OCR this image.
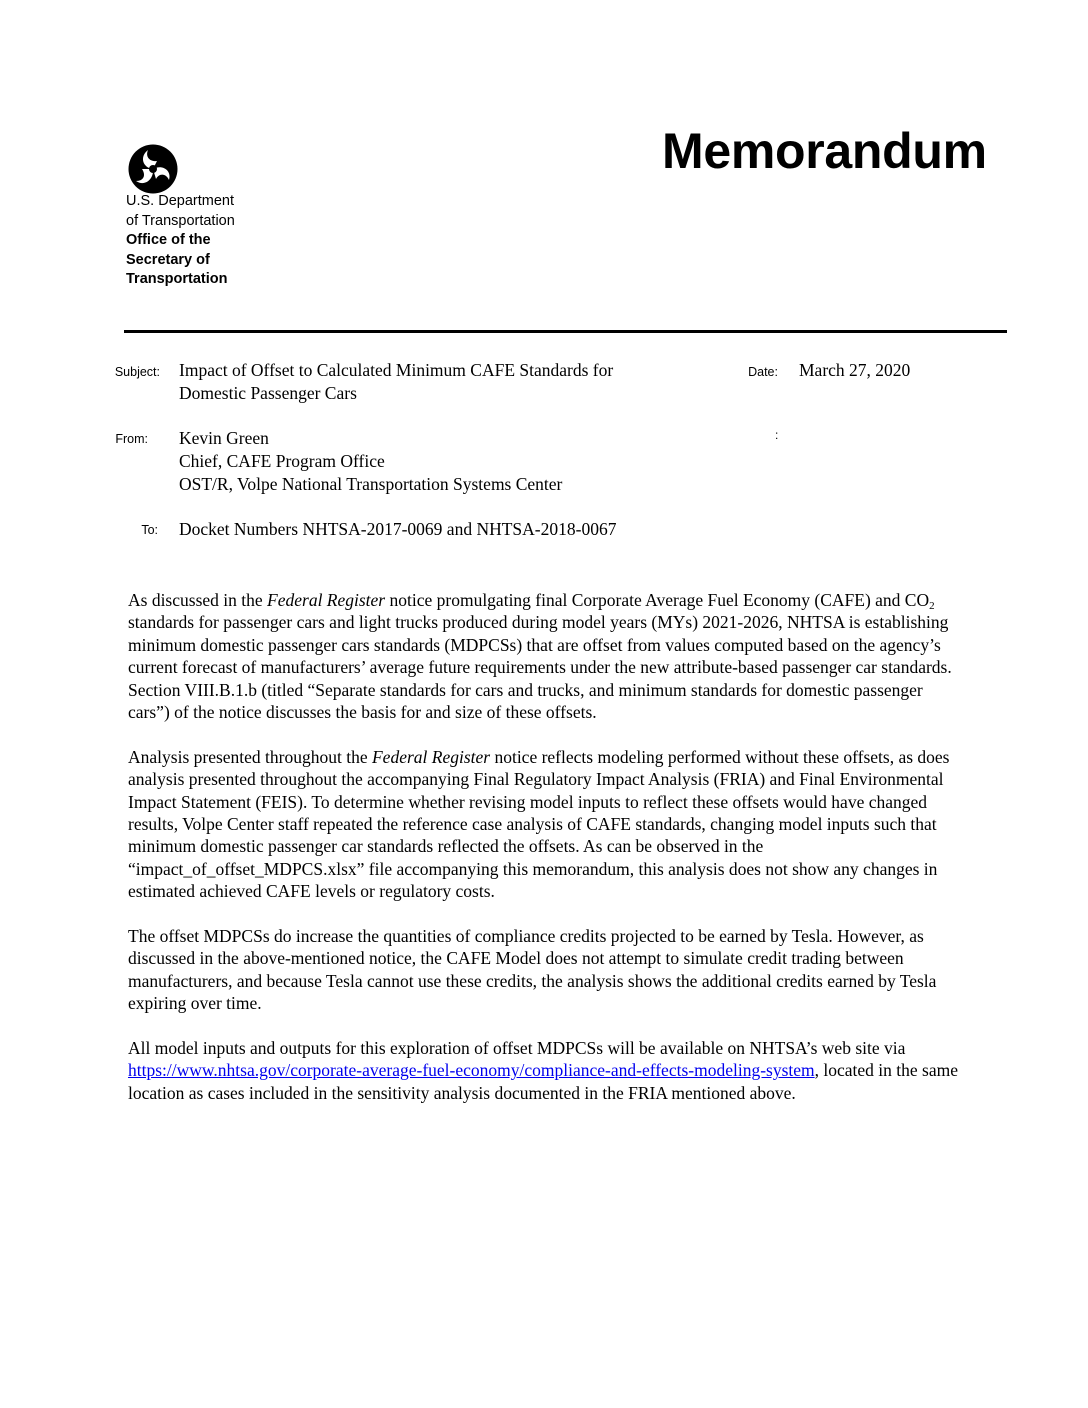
U.S. Department
of Transportation
Office of the
Secretary of
Transportation
Memorandum
Subject: Impact of Offset to Calculated Minimum CAFE Standards for
Domestic Passenger Cars
Date: March 27, 2020
From: Kevin Green
Chief, CAFE Program Office
OST/R, Volpe National Transportation Systems Center
:
To: Docket Numbers NHTSA-2017-0069 and NHTSA-2018-0067

As discussed in the Federal Register notice promulgating final Corporate Average Fuel Economy (CAFE) and $CO_2$ standards for passenger cars and light trucks produced during model years (MYs) 2021-2026, NHTSA is establishing minimum domestic passenger cars standards (MDPCSs) that are offset from values computed based on the agency’s current forecast of manufacturers’ average future requirements under the new attribute-based passenger car standards. Section VIII.B.1.b (titled “Separate standards for cars and trucks, and minimum standards for domestic passenger cars”) of the notice discusses the basis for and size of these offsets.

Analysis presented throughout the Federal Register notice reflects modeling performed without these offsets, as does analysis presented throughout the accompanying Final Regulatory Impact Analysis (FRIA) and Final Environmental Impact Statement (FEIS). To determine whether revising model inputs to reflect these offsets would have changed results, Volpe Center staff repeated the reference case analysis of CAFE standards, changing model inputs such that minimum domestic passenger car standards reflected the offsets. As can be observed in the “impact_of_offset_MDPCS.xlsx” file accompanying this memorandum, this analysis does not show any changes in estimated achieved CAFE levels or regulatory costs.

The offset MDPCSs do increase the quantities of compliance credits projected to be earned by Tesla. However, as discussed in the above-mentioned notice, the CAFE Model does not attempt to simulate credit trading between manufacturers, and because Tesla cannot use these credits, the analysis shows the additional credits earned by Tesla expiring over time.

All model inputs and outputs for this exploration of offset MDPCSs will be available on NHTSA’s web site via https://www.nhtsa.gov/corporate-average-fuel-economy/compliance-and-effects-modeling-system, located in the same location as cases included in the sensitivity analysis documented in the FRIA mentioned above.
